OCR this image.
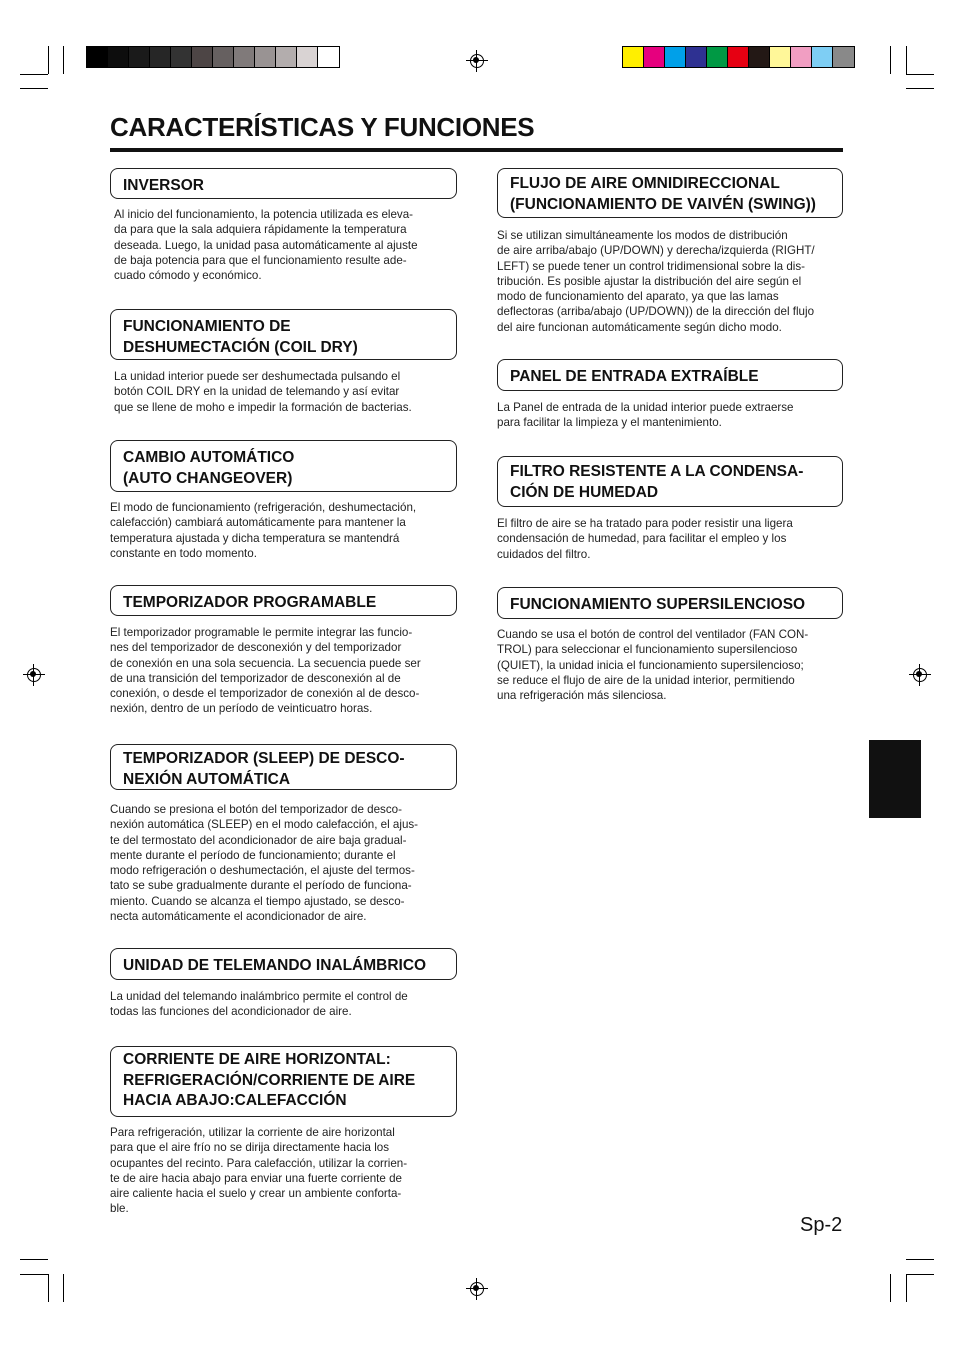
CARACTERÍSTICAS Y FUNCIONES
INVERSOR
Al inicio del funcionamiento, la potencia utilizada es eleva-
da para que la sala adquiera rápidamente la temperatura
deseada. Luego, la unidad pasa automáticamente al ajuste
de baja potencia para que el funcionamiento resulte ade-
cuado cómodo y económico.
FUNCIONAMIENTO DE
DESHUMECTACIÓN (COIL DRY)
La unidad interior puede ser deshumectada pulsando el
botón COIL DRY en la unidad de telemando y así evitar
que se llene de moho e impedir la formación de bacterias.
CAMBIO AUTOMÁTICO
(AUTO CHANGEOVER)
El modo de funcionamiento (refrigeración, deshumectación,
calefacción) cambiará automáticamente para mantener la
temperatura ajustada y dicha temperatura se mantendrá
constante en todo momento.
TEMPORIZADOR PROGRAMABLE
El temporizador programable le permite integrar las funcio-
nes del temporizador de desconexión y del temporizador
de conexión en una sola secuencia. La secuencia puede ser
de una transición del temporizador de desconexión al de
conexión, o desde el temporizador de conexión al de desco-
nexión, dentro de un período de veinticuatro horas.
TEMPORIZADOR (SLEEP) DE DESCO-
NEXIÓN AUTOMÁTICA
Cuando se presiona el botón del temporizador de desco-
nexión automática (SLEEP) en el modo calefacción, el ajus-
te del termostato del acondicionador de aire baja gradual-
mente durante el período de funcionamiento; durante el
modo refrigeración o deshumectación, el ajuste del termos-
tato se sube gradualmente durante el período de funciona-
miento. Cuando se alcanza el tiempo ajustado, se desco-
necta automáticamente el acondicionador de aire.
UNIDAD DE TELEMANDO INALÁMBRICO
La unidad del telemando inalámbrico permite el control de
todas las funciones del acondicionador de aire.
CORRIENTE DE AIRE HORIZONTAL:
REFRIGERACIÓN/CORRIENTE DE AIRE
HACIA ABAJO:CALEFACCIÓN
Para refrigeración, utilizar la corriente de aire horizontal
para que el aire frío no se dirija directamente hacia los
ocupantes del recinto. Para calefacción, utilizar la corrien-
te de aire hacia abajo para enviar una fuerte corriente de
aire caliente hacia el suelo y crear un ambiente conforta-
ble.
FLUJO DE AIRE OMNIDIRECCIONAL
(FUNCIONAMIENTO DE VAIVÉN (SWING))
Si se utilizan simultáneamente los modos de distribución
de aire arriba/abajo (UP/DOWN) y derecha/izquierda (RIGHT/
LEFT) se puede tener un control tridimensional sobre la dis-
tribución. Es posible ajustar la distribución del aire según el
modo de funcionamiento del aparato, ya que las lamas
deflectoras (arriba/abajo (UP/DOWN)) de la dirección del flujo
del aire funcionan automáticamente según dicho modo.
PANEL DE ENTRADA EXTRAÍBLE
La Panel de entrada de la unidad interior puede extraerse
para facilitar la limpieza y el mantenimiento.
FILTRO RESISTENTE A LA CONDENSA-
CIÓN DE HUMEDAD
El filtro de aire se ha tratado para poder resistir una ligera
condensación de humedad, para facilitar el empleo y los
cuidados del filtro.
FUNCIONAMIENTO SUPERSILENCIOSO
Cuando se usa el botón de control del ventilador (FAN CON-
TROL) para seleccionar el funcionamiento supersilencioso
(QUIET), la unidad inicia el funcionamiento supersilencioso;
se reduce el flujo de aire de la unidad interior, permitiendo
una refrigeración más silenciosa.
Sp-2
